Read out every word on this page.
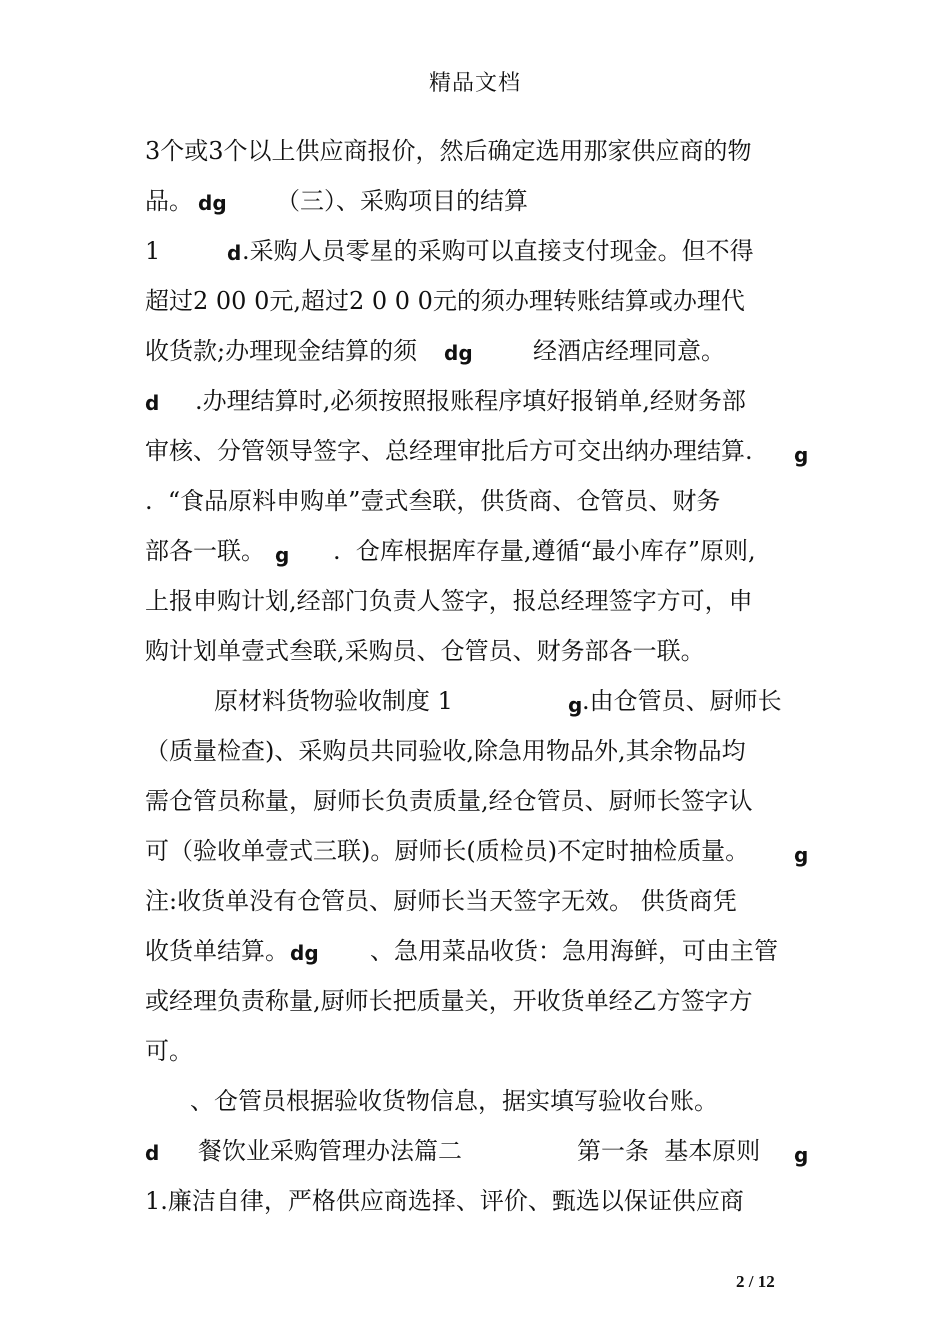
精品文档
3个或3个以上供应商报价，然后确定选用那家供应商的物
品。 dg （三）、采购项目的结算
1	d .采购人员零星的采购可以直接支付现金。但不得
超过2 00 0元,超过2 0 0 0元的须办理转账结算或办理代
收货款;办理现金结算的须 dg	经酒店经理同意。
d .办理结算时,必须按照报账程序填好报销单,经财务部
审核、分管领导签字、总经理审批后方可交出纳办理结算. g
.  “食品原料申购单”壹式叁联，供货商、仓管员、财务
部各一联。 g .  仓库根据库存量,遵循“最小库存”原则,
上报申购计划,经部门负责人签字，报总经理签字方可，申
购计划单壹式叁联,采购员、仓管员、财务部各一联。
原材料货物验收制度 1	g .由仓管员、厨师长
（质量检查)、采购员共同验收,除急用物品外,其余物品均
需仓管员称量，厨师长负责质量,经仓管员、厨师长签字认
可（验收单壹式三联)。厨师长(质检员)不定时抽检质量。 g
注:收货单没有仓管员、厨师长当天签字无效。 供货商凭
收货单结算。 dg 、急用菜品收货：急用海鲜，可由主管
或经理负责称量,厨师长把质量关，开收货单经乙方签字方
可。
、仓管员根据验收货物信息，据实填写验收台账。
d 餐饮业采购管理办法篇二	第一条  基本原则 g
1.廉洁自律，严格供应商选择、评价、甄选以保证供应商
2 / 12
